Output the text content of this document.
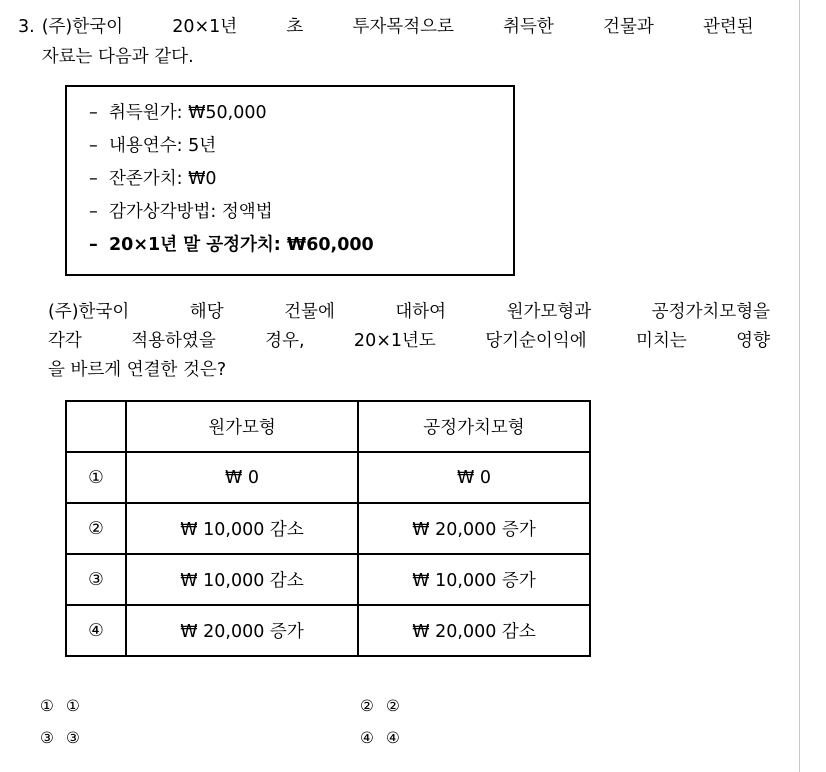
3. (주)한국이 20×1년 초 투자목적으로 취득한 건물과 관련된
자료는 다음과 같다.
– 취득원가: ₩50,000
– 내용연수: 5년
– 잔존가치: ₩0
– 감가상각방법: 정액법
– 20×1년 말 공정가치: ₩60,000
(주)한국이 해당 건물에 대하여 원가모형과 공정가치모형을
각각 적용하였을 경우, 20×1년도 당기순이익에 미치는 영향
을 바르게 연결한 것은?
	원가모형	공정가치모형
①	₩ 0	₩ 0
②	₩ 10,000 감소	₩ 20,000 증가
③	₩ 10,000 감소	₩ 10,000 증가
④	₩ 20,000 증가	₩ 20,000 감소
① ①	② ②
③ ③	④ ④
